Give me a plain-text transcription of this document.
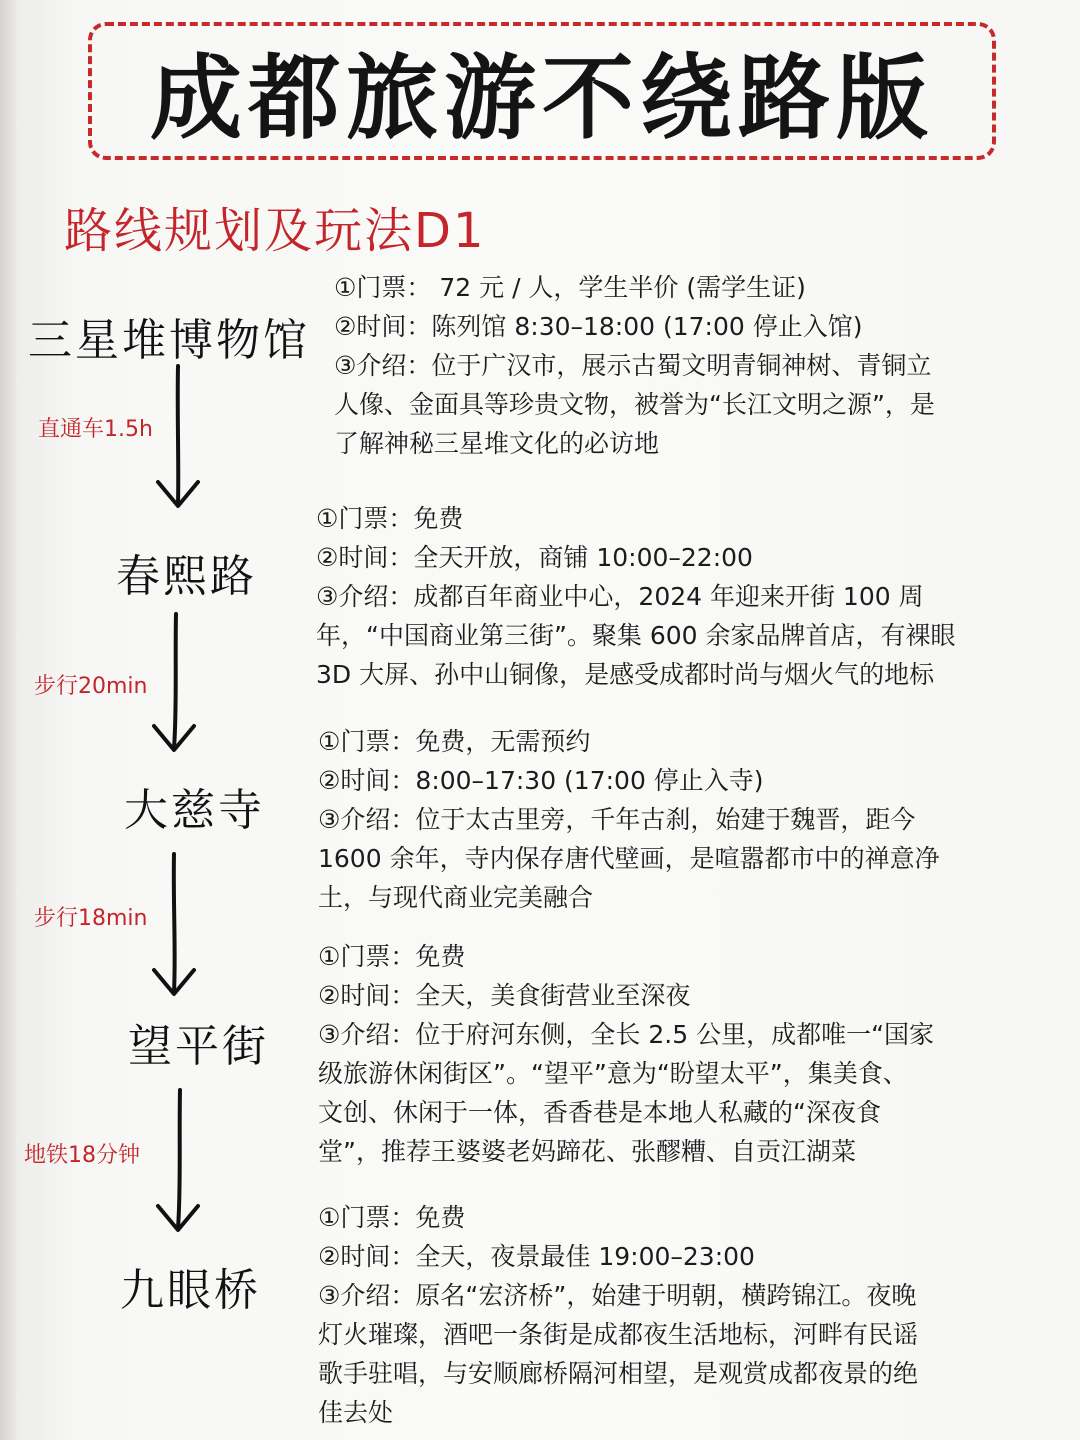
成都旅游不绕路版
路线规划及玩法D1
三星堆博物馆
①门票： 72 元 / 人，学生半价 (需学生证)
②时间：陈列馆 8:30–18:00 (17:00 停止入馆)
③介绍：位于广汉市，展示古蜀文明青铜神树、青铜立
人像、金面具等珍贵文物，被誉为“长江文明之源”，是
了解神秘三星堆文化的必访地
直通车1.5h
春熙路
①门票：免费
②时间：全天开放，商铺 10:00–22:00
③介绍：成都百年商业中心，2024 年迎来开街 100 周
年，“中国商业第三街”。聚集 600 余家品牌首店，有裸眼
3D 大屏、孙中山铜像，是感受成都时尚与烟火气的地标
步行20min
大慈寺
①门票：免费，无需预约
②时间：8:00–17:30 (17:00 停止入寺)
③介绍：位于太古里旁，千年古刹，始建于魏晋，距今
1600 余年，寺内保存唐代壁画，是喧嚣都市中的禅意净
土，与现代商业完美融合
步行18min
望平街
①门票：免费
②时间：全天，美食街营业至深夜
③介绍：位于府河东侧，全长 2.5 公里，成都唯一“国家
级旅游休闲街区”。“望平”意为“盼望太平”，集美食、
文创、休闲于一体，香香巷是本地人私藏的“深夜食
堂”，推荐王婆婆老妈蹄花、张醪糟、自贡江湖菜
地铁18分钟
九眼桥
①门票：免费
②时间：全天，夜景最佳 19:00–23:00
③介绍：原名“宏济桥”，始建于明朝，横跨锦江。夜晚
灯火璀璨，酒吧一条街是成都夜生活地标，河畔有民谣
歌手驻唱，与安顺廊桥隔河相望，是观赏成都夜景的绝
佳去处
